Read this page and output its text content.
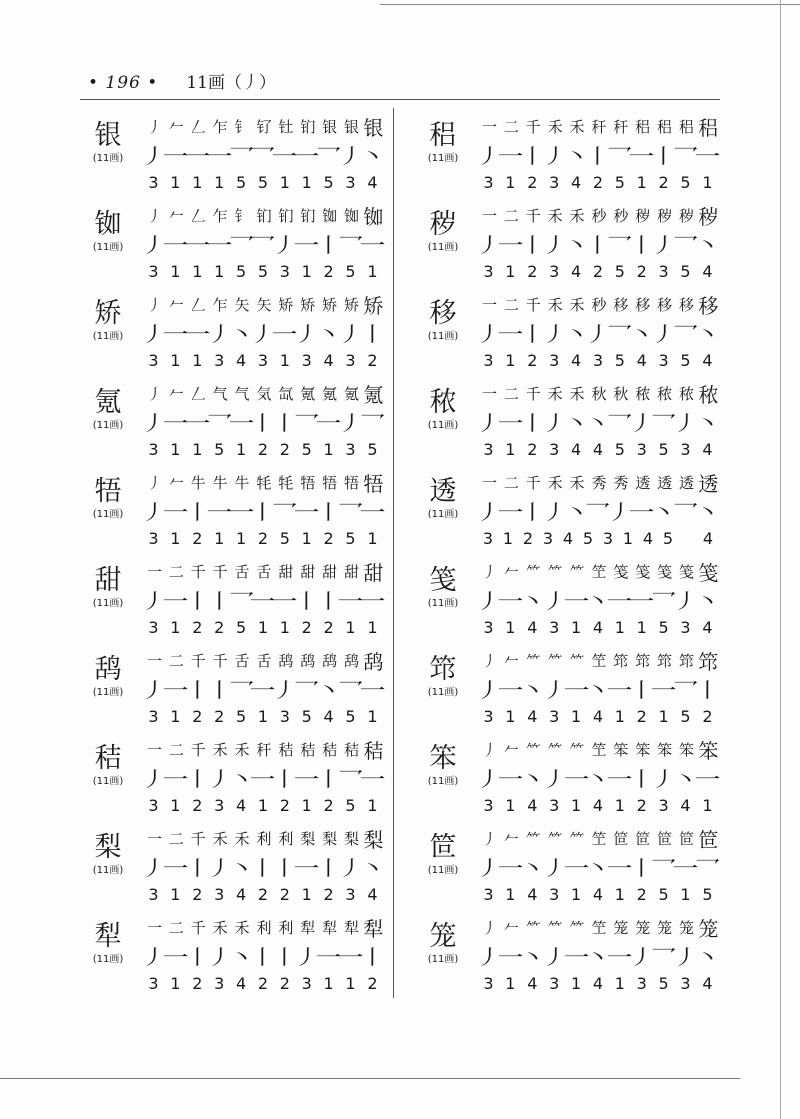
• 196 • 11画（丿）
银
(11画)
丿 𠂉 𠃋 乍 钅 钌 钍 钔 银 银 银
丿
一
一
一
乛
乛
一
一
乛
丿
丶
3 1 1 1 5 5 1 1 5 3 4
铷
(11画)
丿 𠂉 𠃋 乍 钅 钔 钔 钔 铷 铷 铷
丿
一
一
一
乛
乛
丿
一
丨
乛
一
3 1 1 1 5 5 3 1 2 5 1
矫
(11画)
丿 𠂉 𠃋 乍 矢 矢 矫 矫 矫 矫 矫
丿
一
一
丿
丶
丿
一
丿
丶
丿
丨
3 1 1 3 4 3 1 3 4 3 2
氪
(11画)
丿 𠂉 𠃋 气 气 気 氙 氪 氪 氪 氪
丿
一
一
乛
一
丨
丨
乛
一
丿
乛
3 1 1 5 1 2 2 5 1 3 5
牾
(11画)
丿 𠂉 牛 牛 牛 牦 牦 牾 牾 牾 牾
丿
一
丨
一
一
丨
乛
一
丨
乛
一
3 1 2 1 1 2 5 1 2 5 1
甜
(11画)
一 二 千 千 舌 舌 甜 甜 甜 甜 甜
丿
一
丨
丨
乛
一
一
丨
丨
一
一
3 1 2 2 5 1 1 2 2 1 1
鸹
(11画)
一 二 千 千 舌 舌 鸹 鸹 鸹 鸹 鸹
丿
一
丨
丨
乛
一
丿
乛
丶
乛
一
3 1 2 2 5 1 3 5 4 5 1
秸
(11画)
一 二 千 禾 禾 秆 秸 秸 秸 秸 秸
丿
一
丨
丿
丶
一
丨
一
丨
乛
一
3 1 2 3 4 1 2 1 2 5 1
梨
(11画)
一 二 千 禾 禾 利 利 梨 梨 梨 梨
丿
一
丨
丿
丶
丨
丨
一
丨
丿
丶
3 1 2 3 4 2 2 1 2 3 4
犁
(11画)
一 二 千 禾 禾 利 利 犁 犁 犁 犁
丿
一
丨
丿
丶
丨
丨
丿
一
一
丨
3 1 2 3 4 2 2 3 1 1 2
稆
(11画)
一 二 千 禾 禾 秆 秆 稆 稆 稆 稆
丿
一
丨
丿
丶
丨
乛
一
丨
乛
一
3 1 2 3 4 2 5 1 2 5 1
秽
(11画)
一 二 千 禾 禾 秒 秒 秽 秽 秽 秽
丿
一
丨
丿
丶
丨
乛
丨
丿
乛
丶
3 1 2 3 4 2 5 2 3 5 4
移
(11画)
一 二 千 禾 禾 秒 移 移 移 移 移
丿
一
丨
丿
丶
丿
乛
丶
丿
乛
丶
3 1 2 3 4 3 5 4 3 5 4
秾
(11画)
一 二 千 禾 禾 秋 秋 秾 秾 秾 秾
丿
一
丨
丿
丶
丶
乛
丿
乛
丿
丶
3 1 2 3 4 4 5 3 5 3 4
透
(11画)
一 二 千 禾 禾 秀 秀 透 透 透 透
丿
一
丨
丿
丶
乛
丿
一
丶
乛
丶
3 1 2 3 4 5 3 1 4 5	4
笺
(11画)
丿 𠂉 ⺮ ⺮ ⺮ 笁 笺 笺 笺 笺 笺
丿
一
丶
丿
一
丶
一
一
乛
丿
丶
3 1 4 3 1 4 1 1 5 3 4
筇
(11画)
丿 𠂉 ⺮ ⺮ ⺮ 笁 筇 筇 筇 筇 筇
丿
一
丶
丿
一
丶
一
丨
一
乛
丨
3 1 4 3 1 4 1 2 1 5 2
笨
(11画)
丿 𠂉 ⺮ ⺮ ⺮ 笁 笨 笨 笨 笨 笨
丿
一
丶
丿
一
丶
一
丨
丿
丶
一
3 1 4 3 1 4 1 2 3 4 1
笸
(11画)
丿 𠂉 ⺮ ⺮ ⺮ 笁 笸 笸 笸 笸 笸
丿
一
丶
丿
一
丶
一
丨
乛
一
乛
3 1 4 3 1 4 1 2 5 1 5
笼
(11画)
丿 𠂉 ⺮ ⺮ ⺮ 笁 笼 笼 笼 笼 笼
丿
一
丶
丿
一
丶
一
丿
乛
丿
丶
3 1 4 3 1 4 1 3 5 3 4
